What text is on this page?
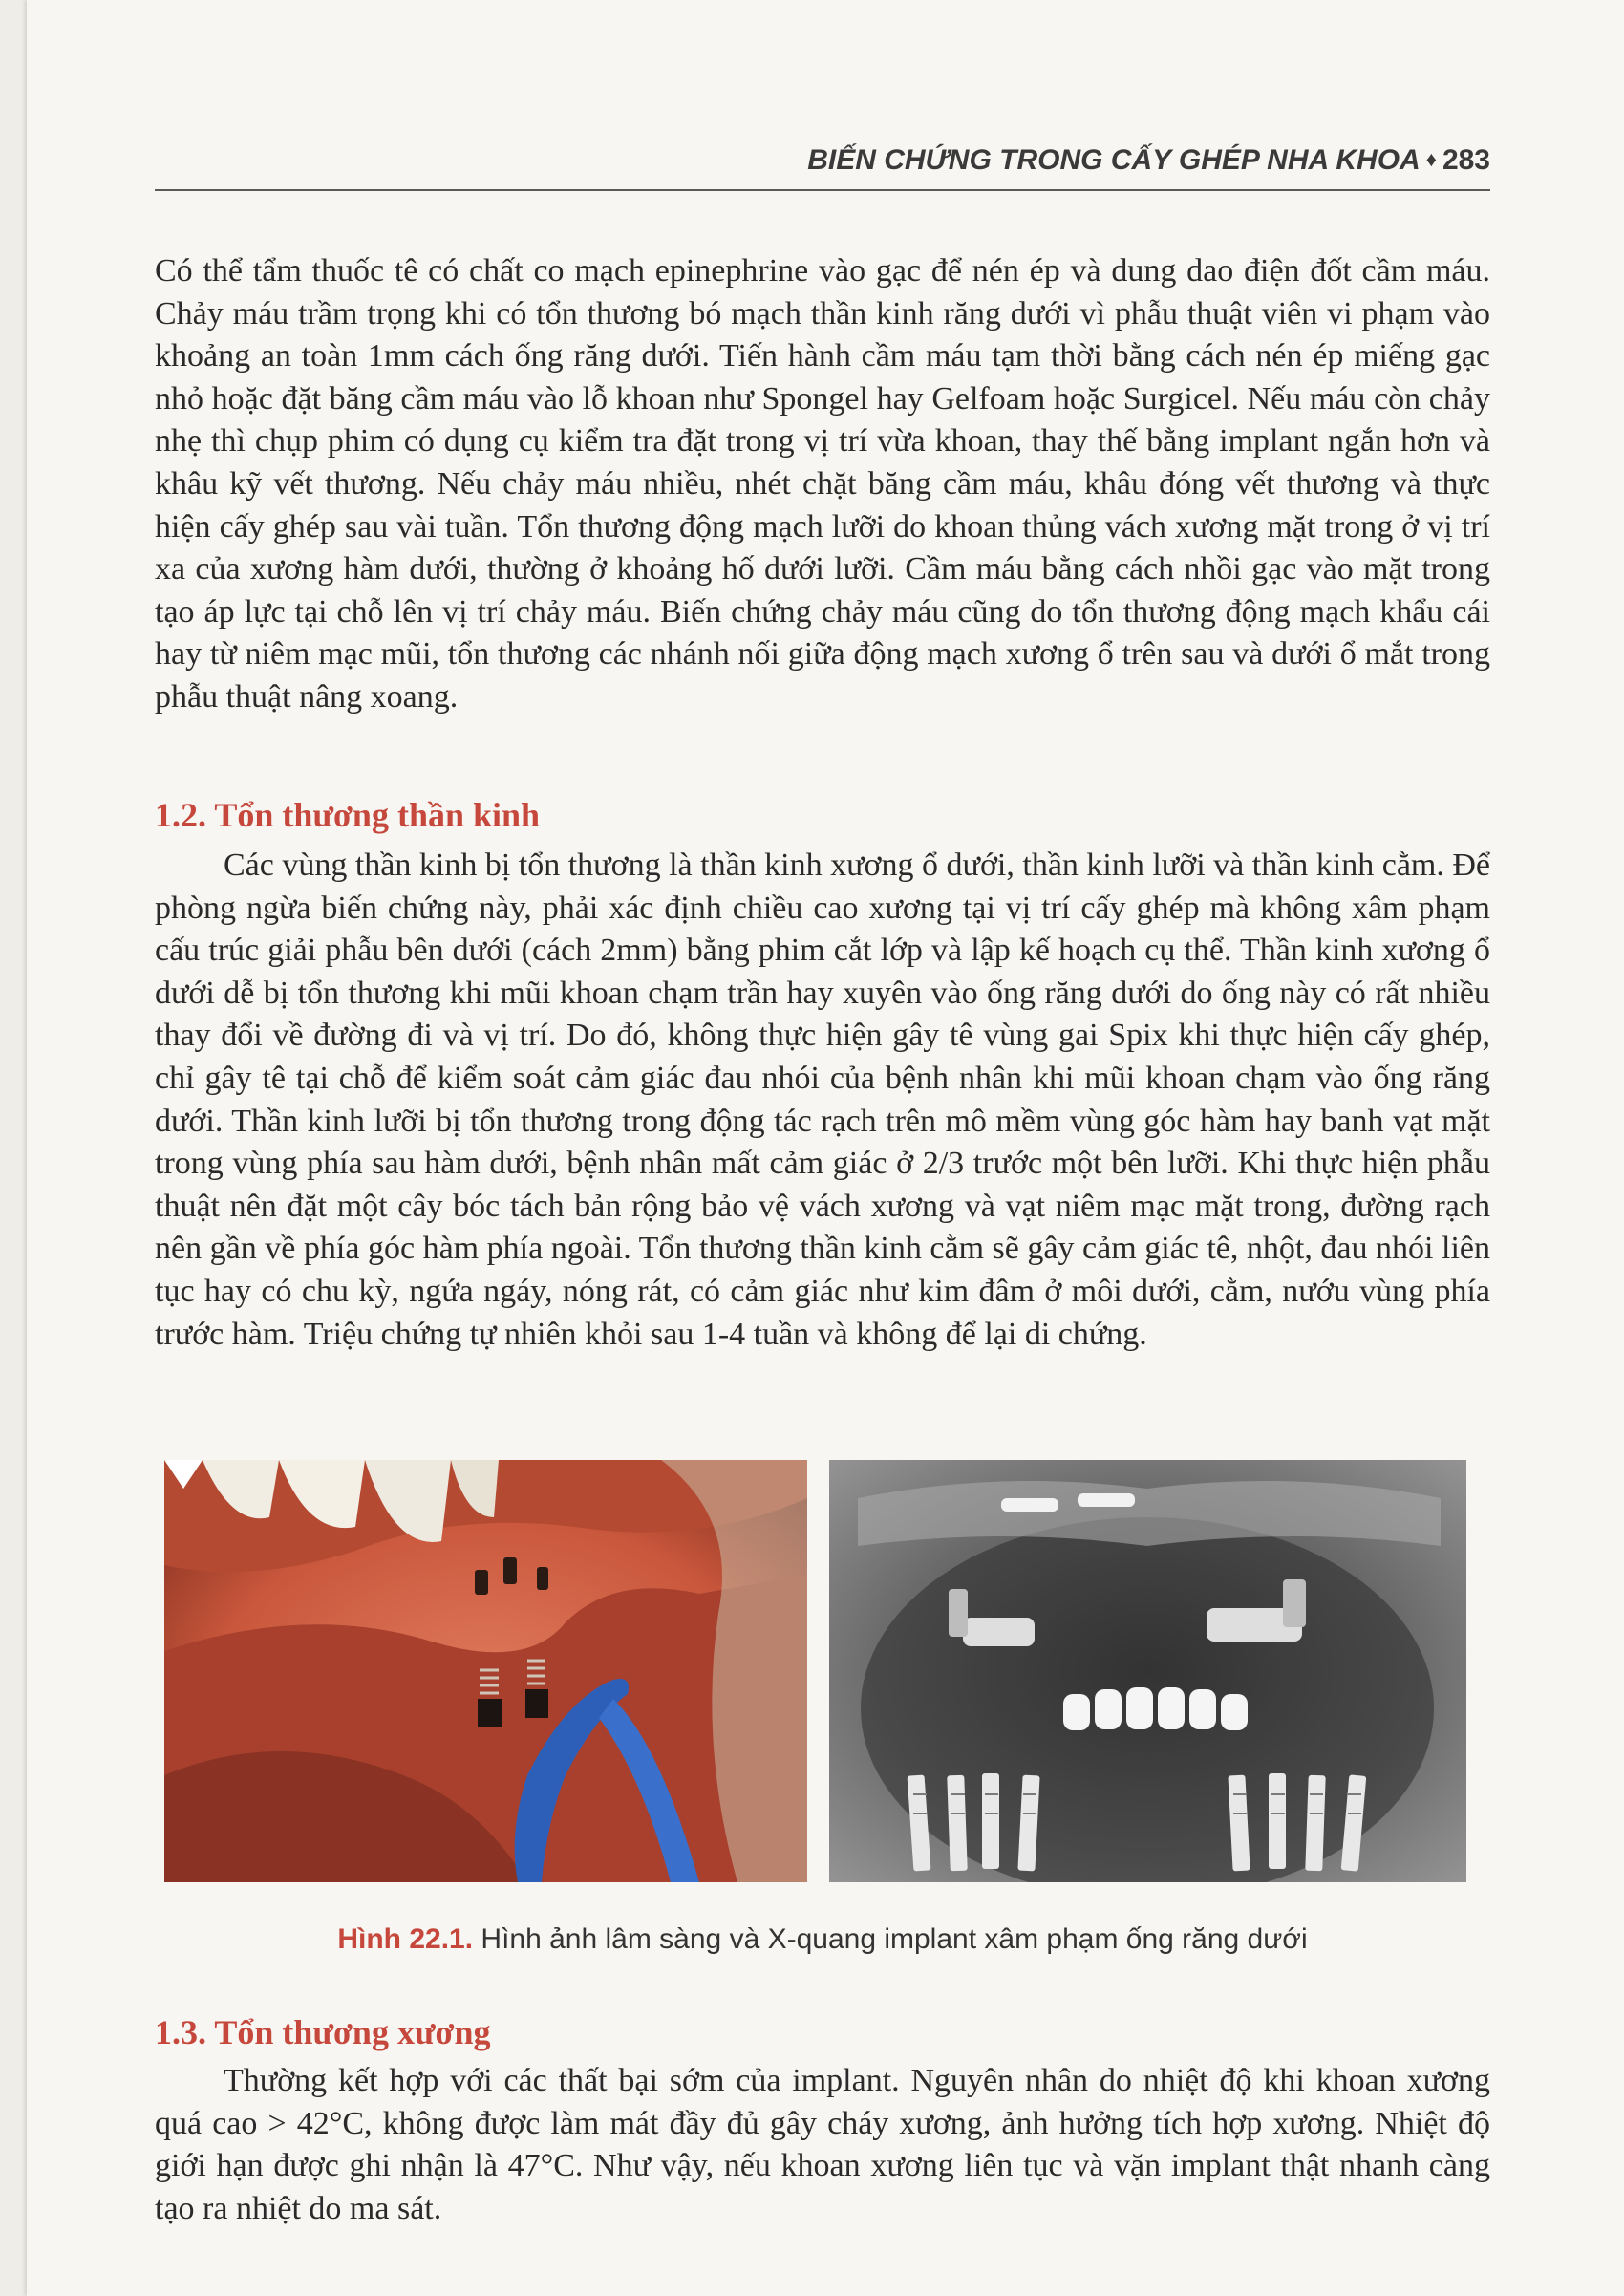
BIẾN CHỨNG TRONG CẤY GHÉP NHA KHOA ♦ 283

Có thể tẩm thuốc tê có chất co mạch epinephrine vào gạc để nén ép và dung dao điện đốt cầm máu. Chảy máu trầm trọng khi có tổn thương bó mạch thần kinh răng dưới vì phẫu thuật viên vi phạm vào khoảng an toàn 1mm cách ống răng dưới. Tiến hành cầm máu tạm thời bằng cách nén ép miếng gạc nhỏ hoặc đặt băng cầm máu vào lỗ khoan như Spongel hay Gelfoam hoặc Surgicel. Nếu máu còn chảy nhẹ thì chụp phim có dụng cụ kiểm tra đặt trong vị trí vừa khoan, thay thế bằng implant ngắn hơn và khâu kỹ vết thương. Nếu chảy máu nhiều, nhét chặt băng cầm máu, khâu đóng vết thương và thực hiện cấy ghép sau vài tuần. Tổn thương động mạch lưỡi do khoan thủng vách xương mặt trong ở vị trí xa của xương hàm dưới, thường ở khoảng hố dưới lưỡi. Cầm máu bằng cách nhồi gạc vào mặt trong tạo áp lực tại chỗ lên vị trí chảy máu. Biến chứng chảy máu cũng do tổn thương động mạch khẩu cái hay từ niêm mạc mũi, tổn thương các nhánh nối giữa động mạch xương ổ trên sau và dưới ổ mắt trong phẫu thuật nâng xoang.

1.2. Tổn thương thần kinh

Các vùng thần kinh bị tổn thương là thần kinh xương ổ dưới, thần kinh lưỡi và thần kinh cằm. Để phòng ngừa biến chứng này, phải xác định chiều cao xương tại vị trí cấy ghép mà không xâm phạm cấu trúc giải phẫu bên dưới (cách 2mm) bằng phim cắt lớp và lập kế hoạch cụ thể. Thần kinh xương ổ dưới dễ bị tổn thương khi mũi khoan chạm trần hay xuyên vào ống răng dưới do ống này có rất nhiều thay đổi về đường đi và vị trí. Do đó, không thực hiện gây tê vùng gai Spix khi thực hiện cấy ghép, chỉ gây tê tại chỗ để kiểm soát cảm giác đau nhói của bệnh nhân khi mũi khoan chạm vào ống răng dưới. Thần kinh lưỡi bị tổn thương trong động tác rạch trên mô mềm vùng góc hàm hay banh vạt mặt trong vùng phía sau hàm dưới, bệnh nhân mất cảm giác ở 2/3 trước một bên lưỡi. Khi thực hiện phẫu thuật nên đặt một cây bóc tách bản rộng bảo vệ vách xương và vạt niêm mạc mặt trong, đường rạch nên gần về phía góc hàm phía ngoài. Tổn thương thần kinh cằm sẽ gây cảm giác tê, nhột, đau nhói liên tục hay có chu kỳ, ngứa ngáy, nóng rát, có cảm giác như kim đâm ở môi dưới, cằm, nướu vùng phía trước hàm. Triệu chứng tự nhiên khỏi sau 1-4 tuần và không để lại di chứng.

Hình 22.1. Hình ảnh lâm sàng và X-quang implant xâm phạm ống răng dưới
1.3. Tổn thương xương

Thường kết hợp với các thất bại sớm của implant. Nguyên nhân do nhiệt độ khi khoan xương quá cao > 42°C, không được làm mát đầy đủ gây cháy xương, ảnh hưởng tích hợp xương. Nhiệt độ giới hạn được ghi nhận là 47°C. Như vậy, nếu khoan xương liên tục và vặn implant thật nhanh càng tạo ra nhiệt do ma sát.
